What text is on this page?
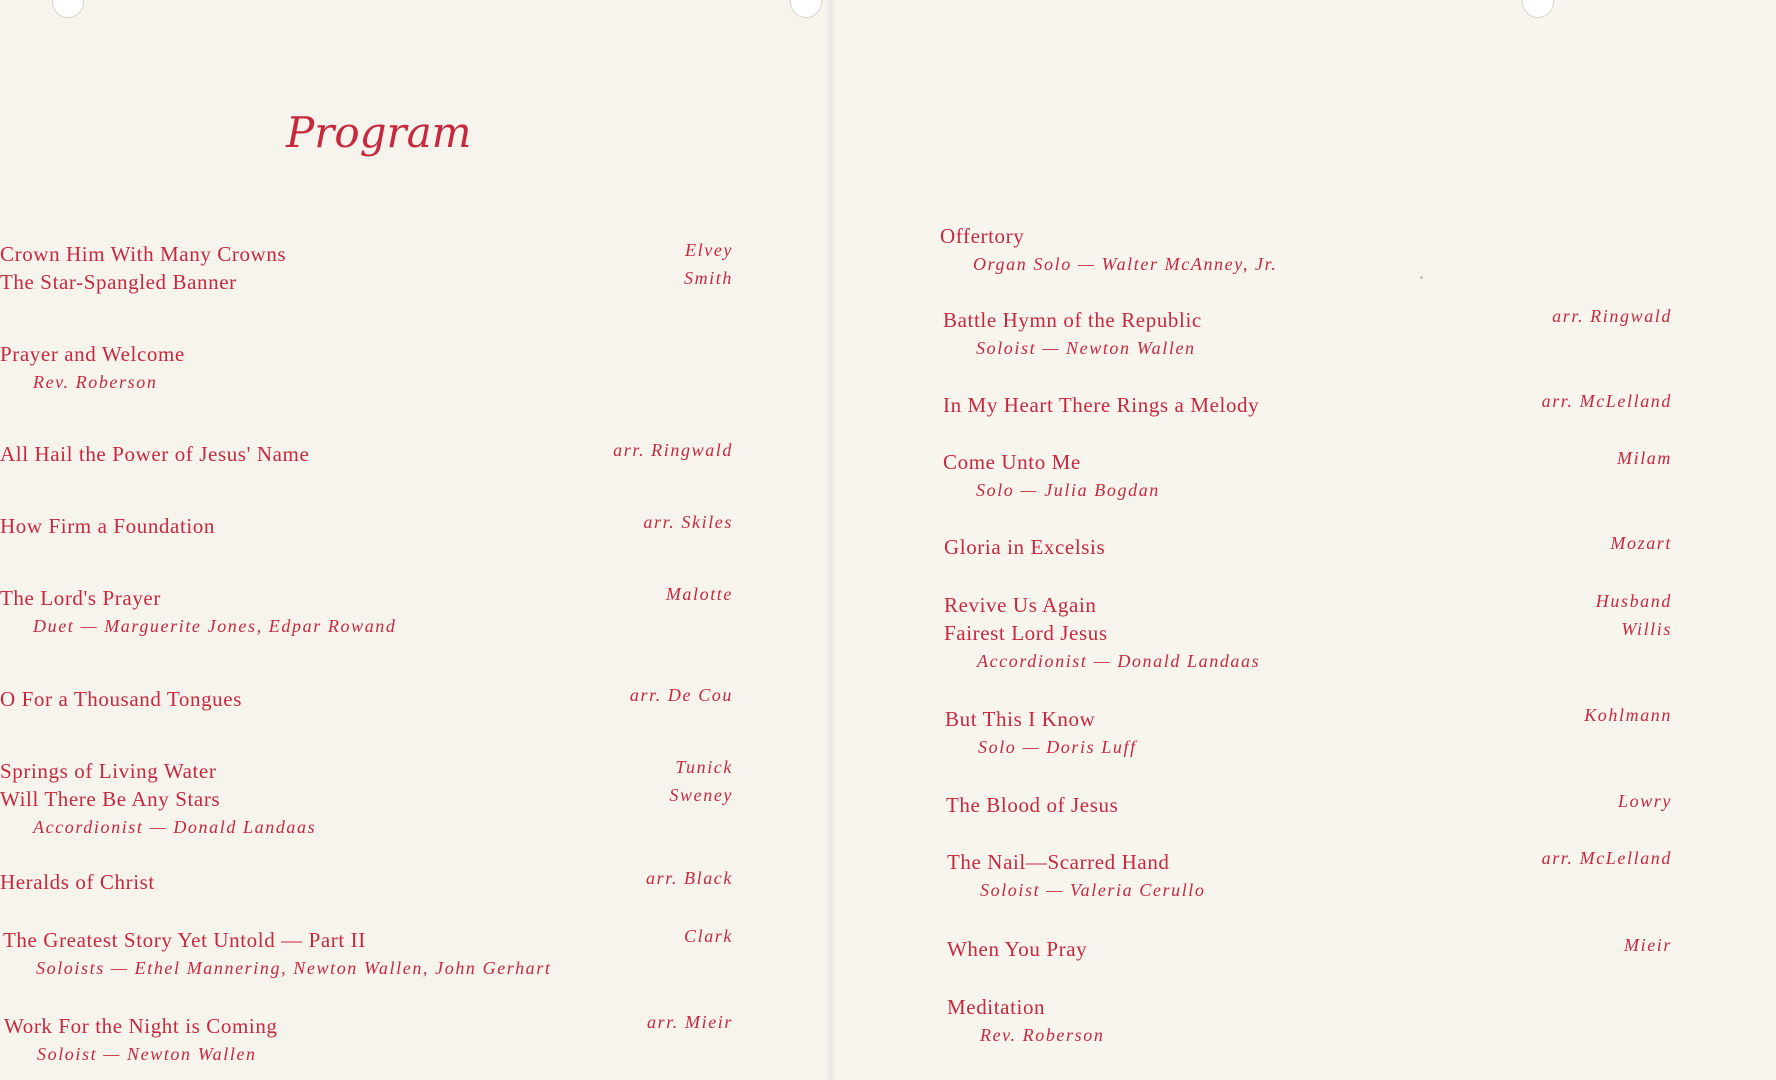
Program
Crown Him With Many Crowns
The Star-Spangled Banner
Prayer and Welcome
Rev. Roberson
All Hail the Power of Jesus' Name
How Firm a Foundation
The Lord's Prayer
Duet — Marguerite Jones, Edpar Rowand
O For a Thousand Tongues
Springs of Living Water
Will There Be Any Stars
Accordionist — Donald Landaas
Heralds of Christ
The Greatest Story Yet Untold — Part II
Soloists — Ethel Mannering, Newton Wallen, John Gerhart
Work For the Night is Coming
Soloist — Newton Wallen
Offertory
Organ Solo — Walter McAnney, Jr.
Battle Hymn of the Republic
Soloist — Newton Wallen
In My Heart There Rings a Melody
Come Unto Me
Solo — Julia Bogdan
Gloria in Excelsis
Revive Us Again
Fairest Lord Jesus
Accordionist — Donald Landaas
But This I Know
Solo — Doris Luff
The Blood of Jesus
The Nail—Scarred Hand
Soloist — Valeria Cerullo
When You Pray
Meditation
Rev. Roberson
Elvey
Smith
arr. Ringwald
arr. Skiles
Malotte
arr. De Cou
Tunick
Sweney
arr. Black
Clark
arr. Mieir
arr. Ringwald
arr. McLelland
Milam
Mozart
Husband
Willis
Kohlmann
Lowry
arr. McLelland
Mieir
